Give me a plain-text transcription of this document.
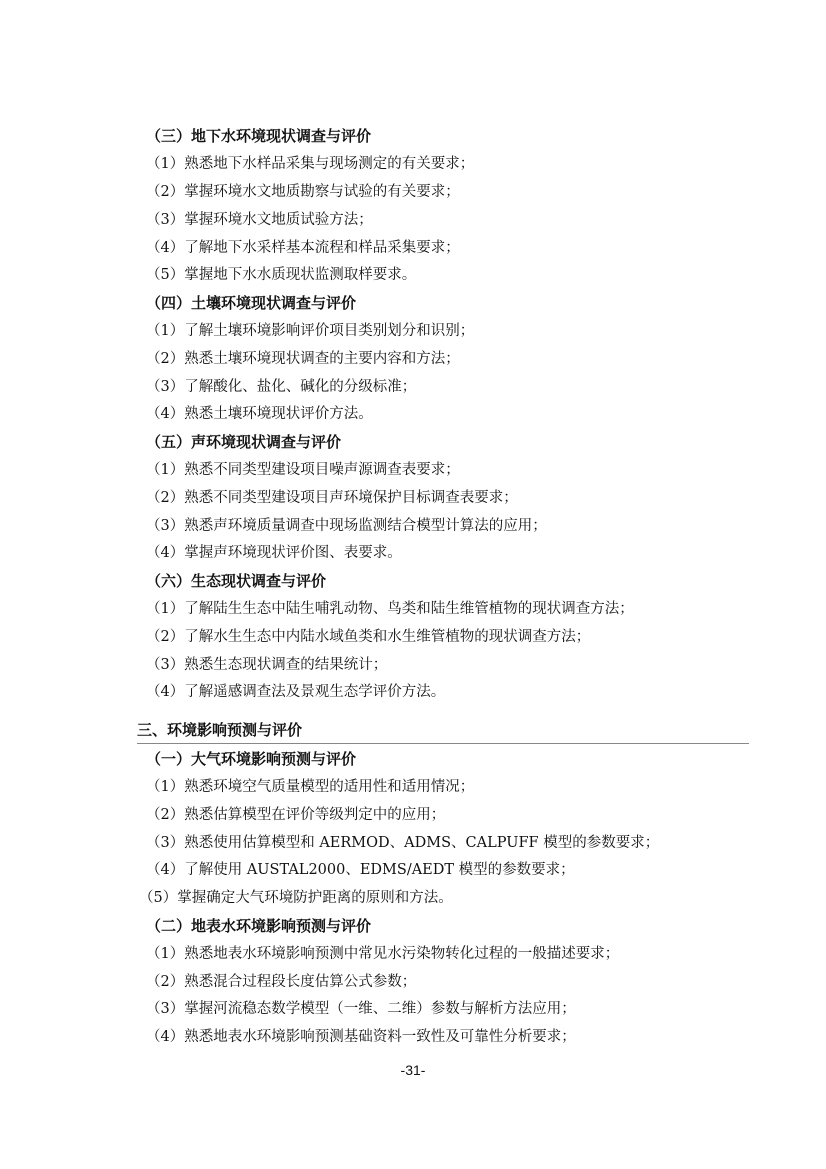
（三）地下水环境现状调查与评价
（1）熟悉地下水样品采集与现场测定的有关要求；
（2）掌握环境水文地质勘察与试验的有关要求；
（3）掌握环境水文地质试验方法；
（4）了解地下水采样基本流程和样品采集要求；
（5）掌握地下水水质现状监测取样要求。
（四）土壤环境现状调查与评价
（1）了解土壤环境影响评价项目类别划分和识别；
（2）熟悉土壤环境现状调查的主要内容和方法；
（3）了解酸化、盐化、碱化的分级标准；
（4）熟悉土壤环境现状评价方法。
（五）声环境现状调查与评价
（1）熟悉不同类型建设项目噪声源调查表要求；
（2）熟悉不同类型建设项目声环境保护目标调查表要求；
（3）熟悉声环境质量调查中现场监测结合模型计算法的应用；
（4）掌握声环境现状评价图、表要求。
（六）生态现状调查与评价
（1）了解陆生生态中陆生哺乳动物、鸟类和陆生维管植物的现状调查方法；
（2）了解水生生态中内陆水域鱼类和水生维管植物的现状调查方法；
（3）熟悉生态现状调查的结果统计；
（4）了解遥感调查法及景观生态学评价方法。
三、环境影响预测与评价
（一）大气环境影响预测与评价
（1）熟悉环境空气质量模型的适用性和适用情况；
（2）熟悉估算模型在评价等级判定中的应用；
（3）熟悉使用估算模型和 AERMOD、ADMS、CALPUFF 模型的参数要求；
（4）了解使用 AUSTAL2000、EDMS/AEDT 模型的参数要求；
（5）掌握确定大气环境防护距离的原则和方法。
（二）地表水环境影响预测与评价
（1）熟悉地表水环境影响预测中常见水污染物转化过程的一般描述要求；
（2）熟悉混合过程段长度估算公式参数；
（3）掌握河流稳态数学模型（一维、二维）参数与解析方法应用；
（4）熟悉地表水环境影响预测基础资料一致性及可靠性分析要求；
-31-
